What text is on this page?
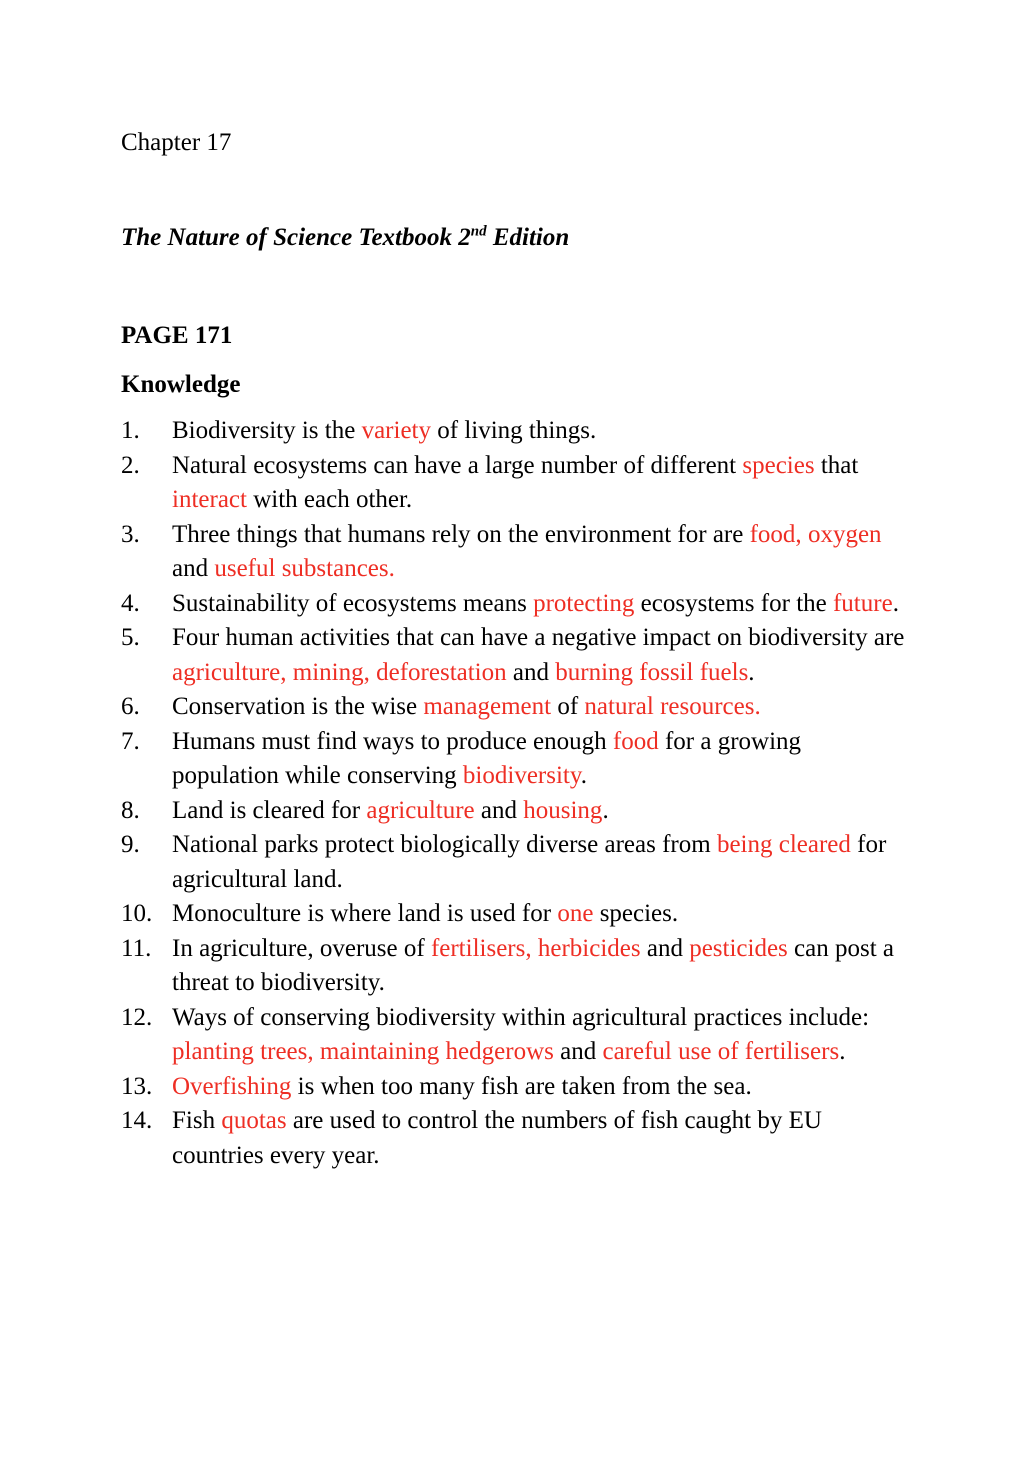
Chapter 17

The Nature of Science Textbook 2nd Edition

PAGE 171

Knowledge

1.	Biodiversity is the variety of living things.
2.	Natural ecosystems can have a large number of different species that interact with each other.
3.	Three things that humans rely on the environment for are food, oxygen and useful substances.
4.	Sustainability of ecosystems means protecting ecosystems for the future.
5.	Four human activities that can have a negative impact on biodiversity are agriculture, mining, deforestation and burning fossil fuels.
6.	Conservation is the wise management of natural resources.
7.	Humans must find ways to produce enough food for a growing population while conserving biodiversity.
8.	Land is cleared for agriculture and housing.
9.	National parks protect biologically diverse areas from being cleared for agricultural land.
10. Monoculture is where land is used for one species.
11. In agriculture, overuse of fertilisers, herbicides and pesticides can post a threat to biodiversity.
12. Ways of conserving biodiversity within agricultural practices include: planting trees, maintaining hedgerows and careful use of fertilisers.
13. Overfishing is when too many fish are taken from the sea.
14. Fish quotas are used to control the numbers of fish caught by EU countries every year.
